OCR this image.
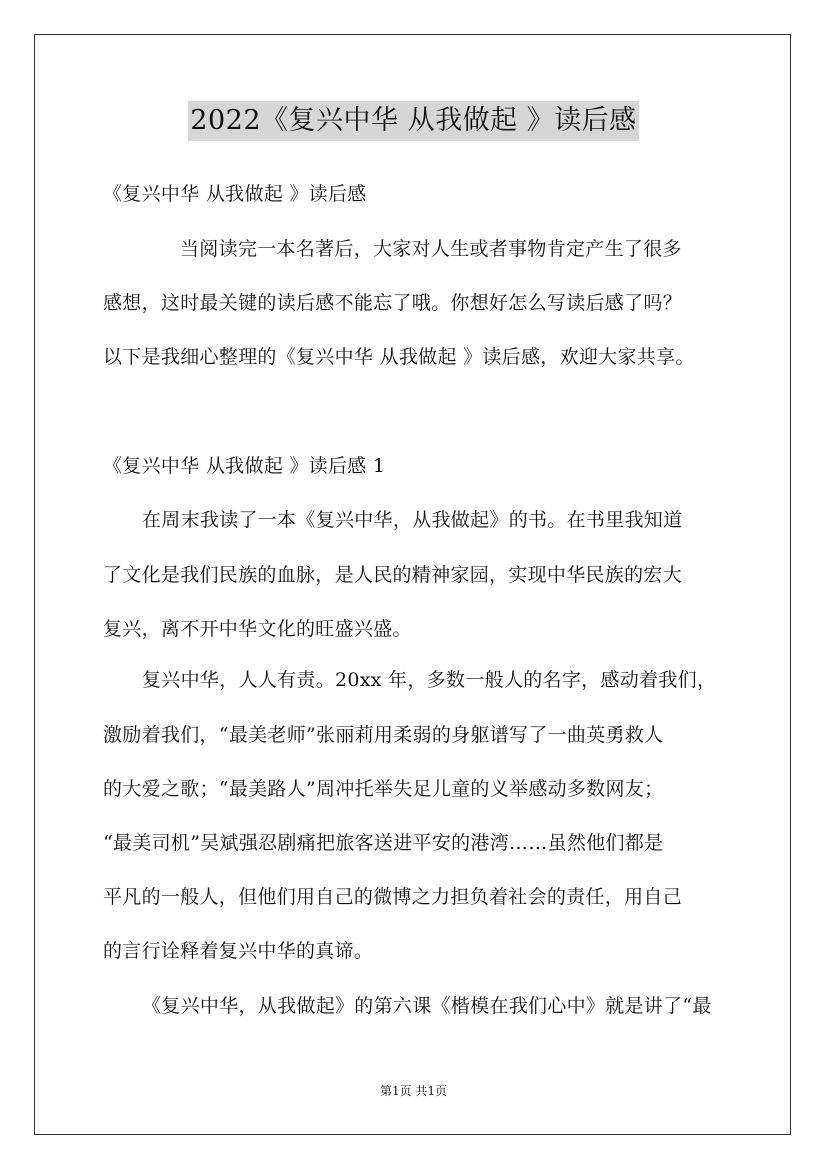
2022《复兴中华 从我做起 》读后感
《复兴中华 从我做起 》读后感
当阅读完一本名著后，大家对人生或者事物肯定产生了很多
感想，这时最关键的读后感不能忘了哦。你想好怎么写读后感了吗？
以下是我细心整理的《复兴中华 从我做起 》读后感，欢迎大家共享。
《复兴中华 从我做起 》读后感 1
在周末我读了一本《复兴中华，从我做起》的书。在书里我知道
了文化是我们民族的血脉，是人民的精神家园，实现中华民族的宏大
复兴，离不开中华文化的旺盛兴盛。
复兴中华，人人有责。20xx 年，多数一般人的名字，感动着我们，
激励着我们，“最美老师”张丽莉用柔弱的身躯谱写了一曲英勇救人
的大爱之歌；“最美路人”周冲托举失足儿童的义举感动多数网友；
“最美司机”吴斌强忍剧痛把旅客送进平安的港湾……虽然他们都是
平凡的一般人，但他们用自己的微博之力担负着社会的责任，用自己
的言行诠释着复兴中华的真谛。
《复兴中华，从我做起》的第六课《楷模在我们心中》就是讲了“最
第1页 共1页
